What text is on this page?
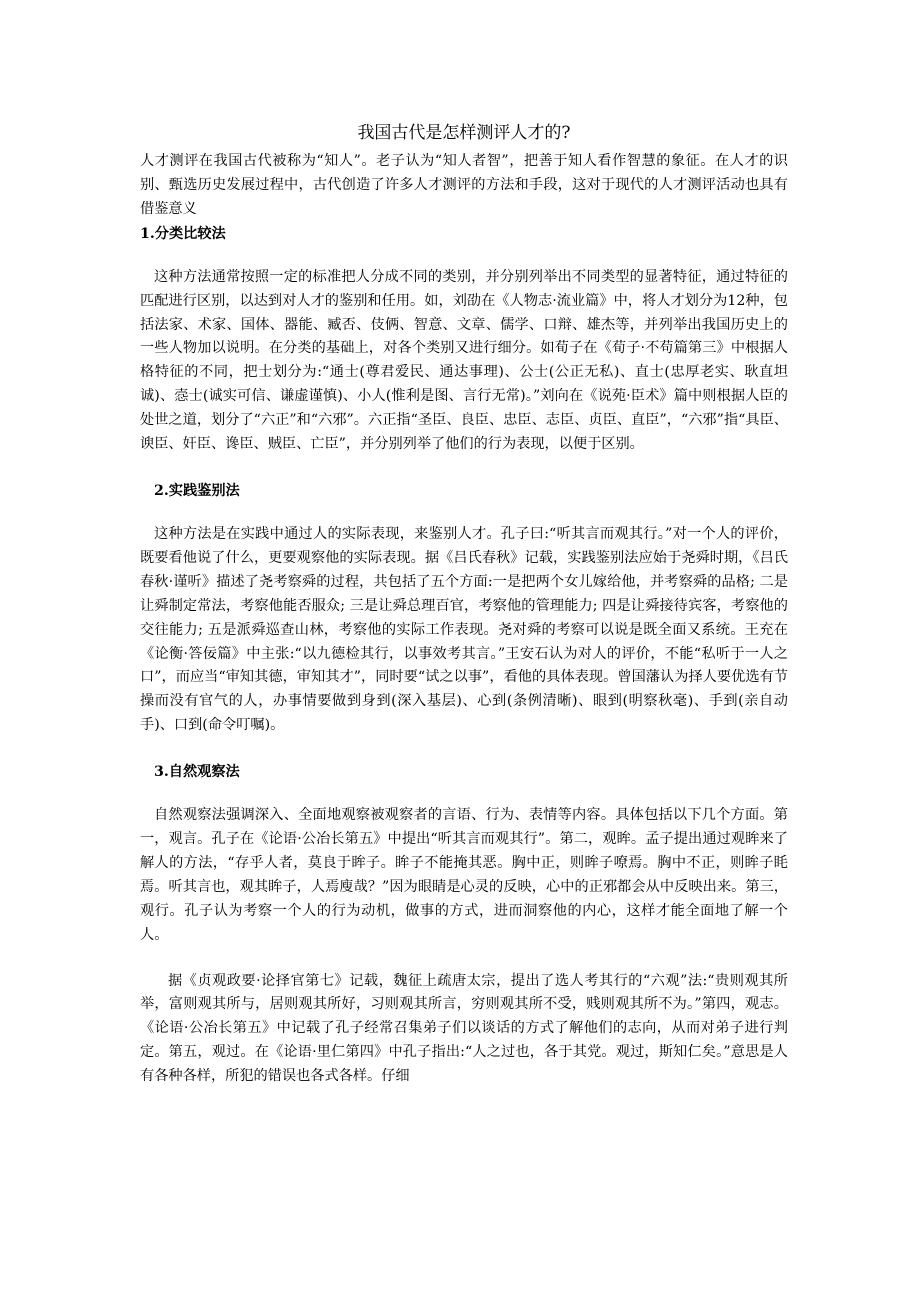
我国古代是怎样测评人才的?

人才测评在我国古代被称为“知人”。老子认为“知人者智”，把善于知人看作智慧的象征。在人才的识别、甄选历史发展过程中，古代创造了许多人才测评的方法和手段，这对于现代的人才测评活动也具有借鉴意义

1.分类比较法

这种方法通常按照一定的标准把人分成不同的类别，并分别列举出不同类型的显著特征，通过特征的匹配进行区别，以达到对人才的鉴别和任用。如，刘劭在《人物志·流业篇》中，将人才划分为12种，包括法家、术家、国体、器能、臧否、伎俩、智意、文章、儒学、口辩、雄杰等，并列举出我国历史上的一些人物加以说明。在分类的基础上，对各个类别又进行细分。如荀子在《荀子·不苟篇第三》中根据人格特征的不同，把士划分为:“通士(尊君爱民、通达事理)、公士(公正无私)、直士(忠厚老实、耿直坦诚)、悫士(诚实可信、谦虚谨慎)、小人(惟利是图、言行无常)。”刘向在《说苑·臣术》篇中则根据人臣的处世之道，划分了“六正”和“六邪”。六正指“圣臣、良臣、忠臣、志臣、贞臣、直臣”，“六邪”指“具臣、谀臣、奸臣、谗臣、贼臣、亡臣”，并分别列举了他们的行为表现，以便于区别。

2.实践鉴别法

这种方法是在实践中通过人的实际表现，来鉴别人才。孔子曰:“听其言而观其行。”对一个人的评价，既要看他说了什么，更要观察他的实际表现。据《吕氏春秋》记载，实践鉴别法应始于尧舜时期，《吕氏春秋·谨听》描述了尧考察舜的过程，共包括了五个方面:一是把两个女儿嫁给他，并考察舜的品格; 二是让舜制定常法，考察他能否服众; 三是让舜总理百官，考察他的管理能力; 四是让舜接待宾客，考察他的交往能力; 五是派舜巡查山林，考察他的实际工作表现。尧对舜的考察可以说是既全面又系统。王充在《论衡·答佞篇》中主张:“以九德检其行，以事效考其言。”王安石认为对人的评价，不能“私听于一人之口”，而应当“审知其德，审知其才”，同时要“试之以事”，看他的具体表现。曾国藩认为择人要优选有节操而没有官气的人，办事情要做到身到(深入基层)、心到(条例清晰)、眼到(明察秋毫)、手到(亲自动手)、口到(命令叮嘱)。

3.自然观察法

自然观察法强调深入、全面地观察被观察者的言语、行为、表情等内容。具体包括以下几个方面。第一，观言。孔子在《论语·公冶长第五》中提出“听其言而观其行”。第二，观眸。孟子提出通过观眸来了解人的方法，“存乎人者，莫良于眸子。眸子不能掩其恶。胸中正，则眸子嘹焉。胸中不正，则眸子眊焉。听其言也，观其眸子，人焉廋哉？”因为眼睛是心灵的反映，心中的正邪都会从中反映出来。第三，观行。孔子认为考察一个人的行为动机，做事的方式，进而洞察他的内心，这样才能全面地了解一个人。

据《贞观政要·论择官第七》记载，魏征上疏唐太宗，提出了选人考其行的“六观”法:“贵则观其所举，富则观其所与，居则观其所好，习则观其所言，穷则观其所不受，贱则观其所不为。”第四，观志。《论语·公冶长第五》中记载了孔子经常召集弟子们以谈话的方式了解他们的志向，从而对弟子进行判定。第五，观过。在《论语·里仁第四》中孔子指出:“人之过也，各于其党。观过，斯知仁矣。”意思是人有各种各样，所犯的错误也各式各样。仔细
